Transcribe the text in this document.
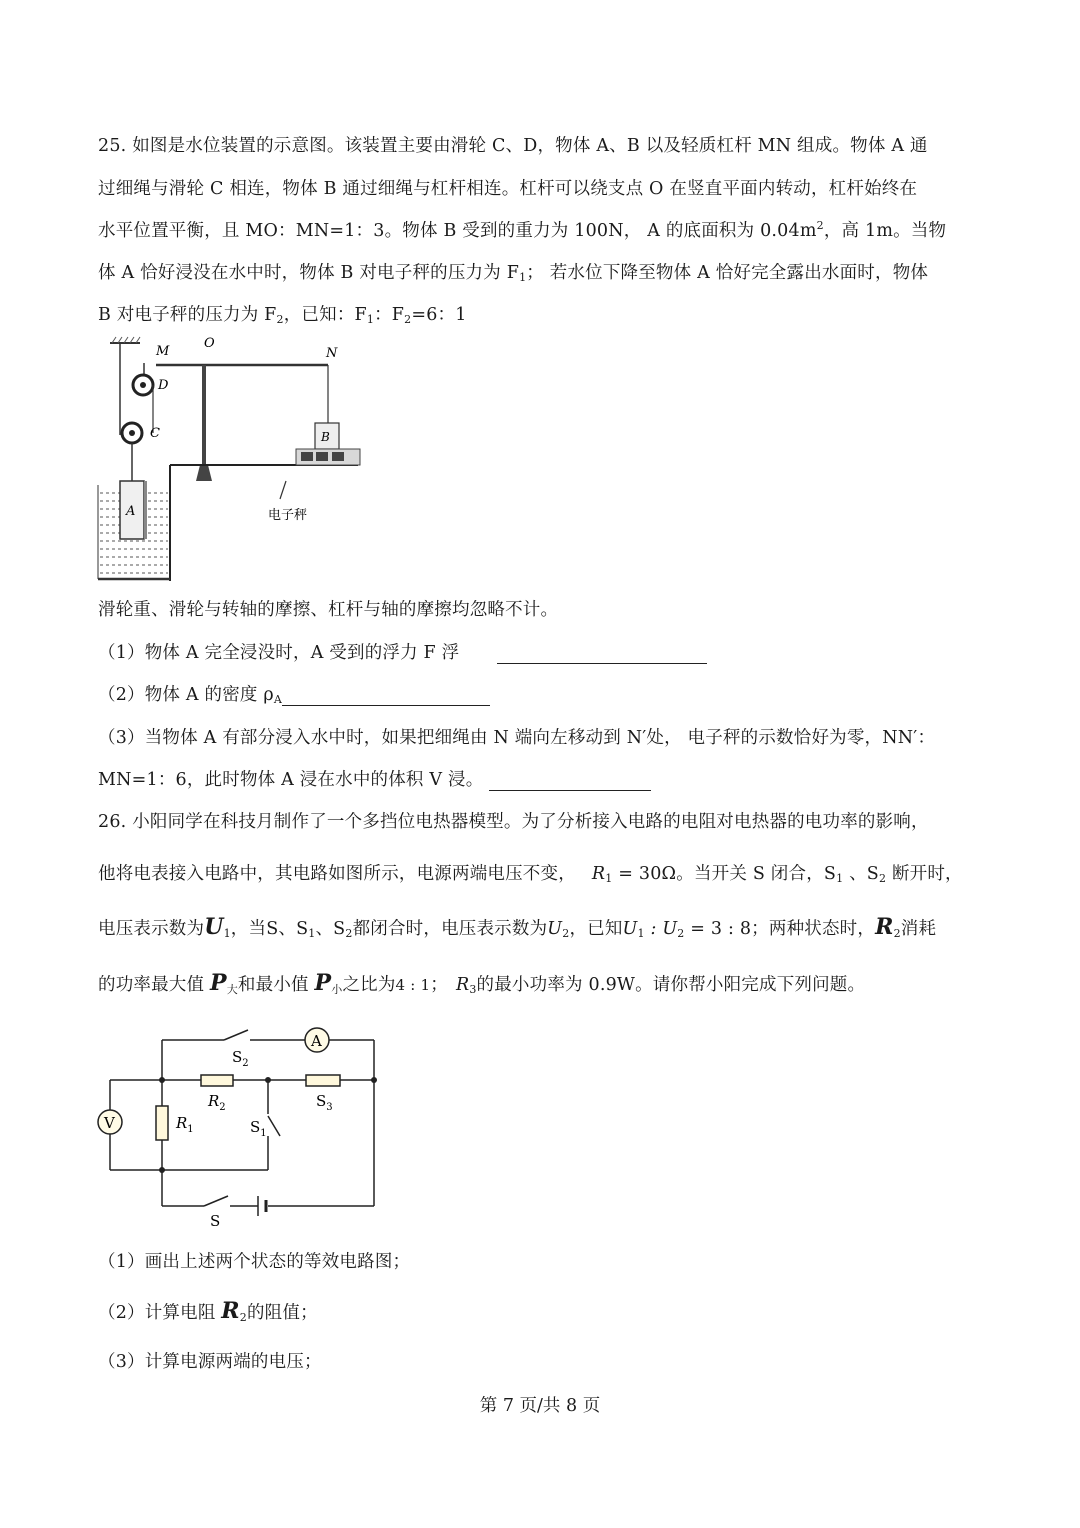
25. 如图是水位装置的示意图。该装置主要由滑轮 C、D，物体 A、B 以及轻质杠杆 MN 组成。物体 A 通
过细绳与滑轮 C 相连，物体 B 通过细绳与杠杆相连。杠杆可以绕支点 O 在竖直平面内转动，杠杆始终在
水平位置平衡，且 MO：MN=1：3。物体 B 受到的重力为 100N， A 的底面积为 $0.04m^2$，高 1m。当物
体 A 恰好浸没在水中时，物体 B 对电子秤的压力为 $F_1$； 若水位下降至物体 A 恰好完全露出水面时，物体
B 对电子秤的压力为 $F_2$，已知：$F_1$：$F_2=6$：1
M
O
N
D
C
A
B
电子秤
滑轮重、滑轮与转轴的摩擦、杠杆与轴的摩擦均忽略不计。
（1）物体 A 完全浸没时，A 受到的浮力 F 浮
（2）物体 A 的密度 $\rho_A$
（3）当物体 A 有部分浸入水中时，如果把细绳由 N 端向左移动到 N′处， 电子秤的示数恰好为零，NN′：
MN=1：6，此时物体 A 浸在水中的体积 V 浸。
26. 小阳同学在科技月制作了一个多挡位电热器模型。为了分析接入电路的电阻对电热器的电功率的影响，
他将电表接入电路中，其电路如图所示，电源两端电压不变， $R_1 = 30\Omega$。当开关 S 闭合，$S_1$ 、$S_2$ 断开时，
电压表示数为$U_1$，当S、$S_1$、$S_2$都闭合时，电压表示数为$U_2$，已知$U_1$ : $U_2 = 3$ : 8；两种状态时，$R_2$消耗
的功率最大值 $P_大$和最小值 $P_小$之比为4 : 1； $R_3$的最小功率为 0.9W。请你帮小阳完成下列问题。
A
V
$S_2$
$R_2$	$S_3$
$R_1$	$S_1$
S
（1）画出上述两个状态的等效电路图；
（2）计算电阻 $R_2$的阻值；
（3）计算电源两端的电压；
第 7 页/共 8 页
